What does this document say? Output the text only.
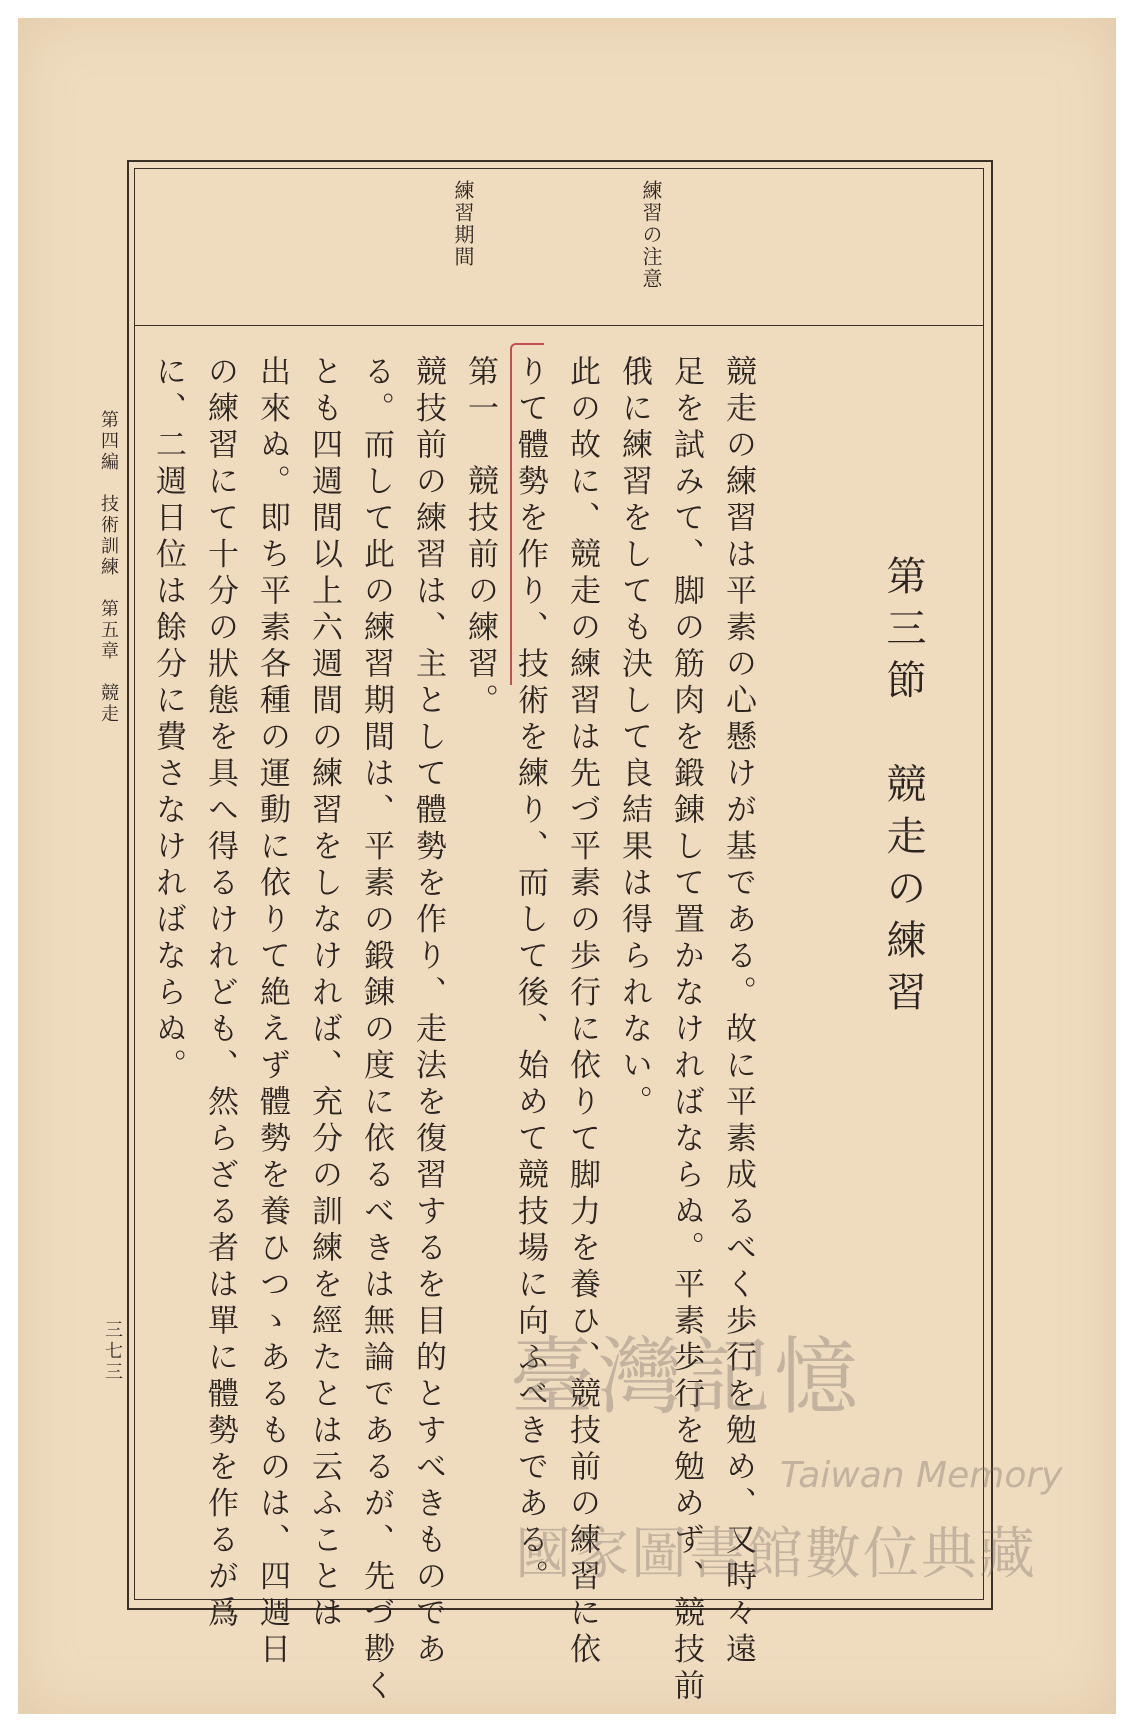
練習の注意
練習期間
第三節　競走の練習
競走の練習は平素の心懸けが基である。故に平素成るべく歩行を勉め、又時々遠
足を試みて、脚の筋肉を鍛錬して置かなければならぬ。平素歩行を勉めず、競技前
俄に練習をしても決して良結果は得られない。
此の故に、競走の練習は先づ平素の歩行に依りて脚力を養ひ、競技前の練習に依
りて體勢を作り、技術を練り、而して後、始めて競技場に向ふべきである。
第一　競技前の練習。
競技前の練習は、主として體勢を作り、走法を復習するを目的とすべきものであ
る。而して此の練習期間は、平素の鍛錬の度に依るべきは無論であるが、先づ尠く
とも四週間以上六週間の練習をしなければ、充分の訓練を經たとは云ふことは
出來ぬ。即ち平素各種の運動に依りて絶えず體勢を養ひつゝあるものは、四週日
の練習にて十分の狀態を具へ得るけれども、然らざる者は單に體勢を作るが爲
に、二週日位は餘分に費さなければならぬ。
第四編　技術訓練　第五章　競走
三七三	臺灣記憶
Taiwan Memory
國家圖書館數位典藏
